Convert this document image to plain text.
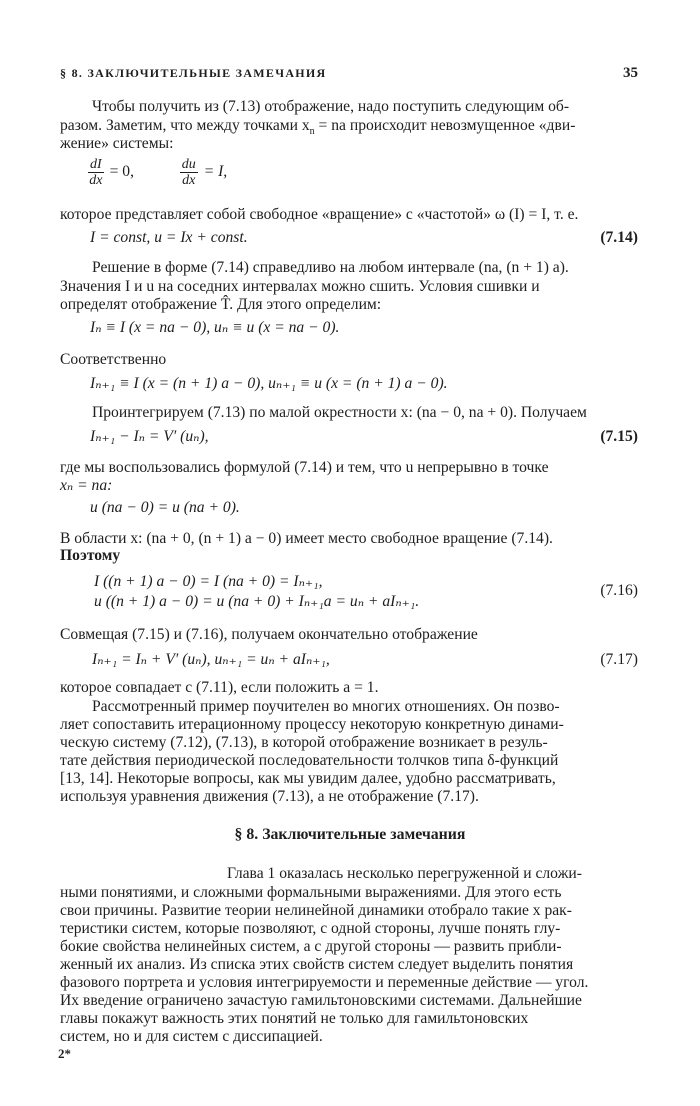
§ 8. ЗАКЛЮЧИТЕЛЬНЫЕ ЗАМЕЧАНИЯ	35
Чтобы получить из (7.13) отображение, надо поступить следующим об-
разом. Заметим, что между точками $x_n$ = na происходит невозмущенное «дви-
жение» системы:
$\frac{dI}{dx} = 0$,	$\frac{du}{dx} = I$,
которое представляет собой свободное «вращение» с «частотой» ω (I) = I, т. е.
I = const, u = Ix + const.	(7.14)
Решение в форме (7.14) справедливо на любом интервале (na, (n + 1) a).
Значения I и u на соседних интервалах можно сшить. Условия сшивки и
определят отображение T̂. Для этого определим:
Iₙ ≡ I (x = na − 0), uₙ ≡ u (x = na − 0).
Соответственно
Iₙ₊₁ ≡ I (x = (n + 1) a − 0), uₙ₊₁ ≡ u (x = (n + 1) a − 0).
Проинтегрируем (7.13) по малой окрестности x: (na − 0, na + 0). Получаем
Iₙ₊₁ − Iₙ = V′ (uₙ),	(7.15)
где мы воспользовались формулой (7.14) и тем, что u непрерывно в точке
xₙ = na:
u (na − 0) = u (na + 0).
В области x: (na + 0, (n + 1) a − 0) имеет место свободное вращение (7.14).
Поэтому
I ((n + 1) a − 0) = I (na + 0) = Iₙ₊₁,
u ((n + 1) a − 0) = u (na + 0) + Iₙ₊₁a = uₙ + aIₙ₊₁.
(7.16)
Совмещая (7.15) и (7.16), получаем окончательно отображение
Iₙ₊₁ = Iₙ + V′ (uₙ), uₙ₊₁ = uₙ + aIₙ₊₁,	(7.17)
которое совпадает с (7.11), если положить a = 1.
Рассмотренный пример поучителен во многих отношениях. Он позво-
ляет сопоставить итерационному процессу некоторую конкретную динами-
ческую систему (7.12), (7.13), в которой отображение возникает в резуль-
тате действия периодической последовательности толчков типа δ-функций
[13, 14]. Некоторые вопросы, как мы увидим далее, удобно рассматривать,
используя уравнения движения (7.13), а не отображение (7.17).
§ 8. Заключительные замечания
Глава 1 оказалась несколько перегруженной и сложи-
ными понятиями, и сложными формальными выражениями. Для этого есть
свои причины. Развитие теории нелинейной динамики отобрало такие х рак-
теристики систем, которые позволяют, с одной стороны, лучше понять глу-
бокие свойства нелинейных систем, а с другой стороны — развить прибли-
женный их анализ. Из списка этих свойств систем следует выделить понятия
фазового портрета и условия интегрируемости и переменные действие — угол.
Их введение ограничено зачастую гамильтоновскими системами. Дальнейшие
главы покажут важность этих понятий не только для гамильтоновских
систем, но и для систем с диссипацией.
2*
